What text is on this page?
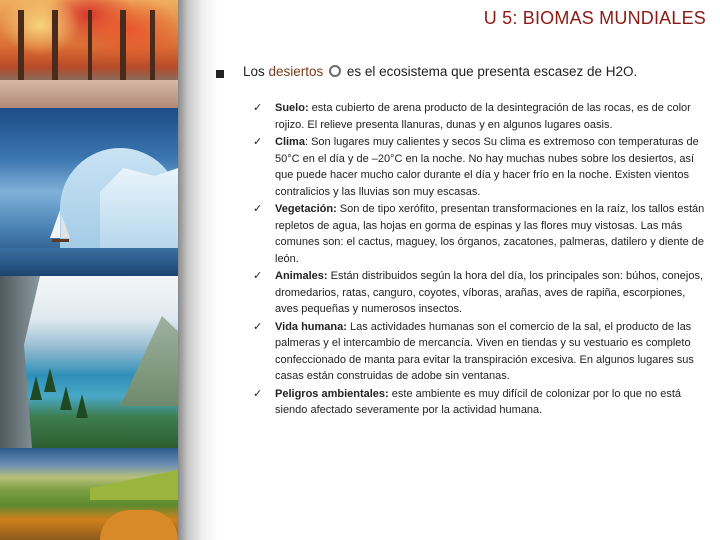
U 5: BIOMAS MUNDIALES
Los desiertos  es el ecosistema que presenta escasez de H2O.
✓ Suelo: esta cubierto de arena producto de la desintegración de las rocas, es de color rojizo. El relieve presenta llanuras, dunas y en algunos lugares oasis.
✓ Clima: Son lugares muy calientes y secos Su clima es extremoso con temperaturas de 50°C en el día y de –20°C en la noche. No hay muchas nubes sobre los desiertos, así que puede hacer mucho calor durante el día y hacer frío en la noche. Existen vientos contralicios y las lluvias son muy escasas.
✓ Vegetación: Son de tipo xerófito, presentan transformaciones en la raíz, los tallos están repletos de agua, las hojas en gorma de espinas y las flores muy vistosas. Las más comunes son: el cactus, maguey, los órganos, zacatones, palmeras, datilero y diente de león.
✓ Animales: Están distribuidos según la hora del día, los principales son: búhos, conejos, dromedarios, ratas, canguro, coyotes, víboras, arañas, aves de rapiña, escorpiones, aves pequeñas y numerosos insectos.
✓ Vida humana: Las actividades humanas son el comercio de la sal, el producto de las palmeras y el intercambio de mercancía. Viven en tiendas y su vestuario es completo confeccionado de manta para evitar la transpiración excesiva. En algunos lugares sus casas están construidas de adobe sin ventanas.
✓ Peligros ambientales: este ambiente es muy difícil de colonizar por lo que no está siendo afectado severamente por la actividad humana.
